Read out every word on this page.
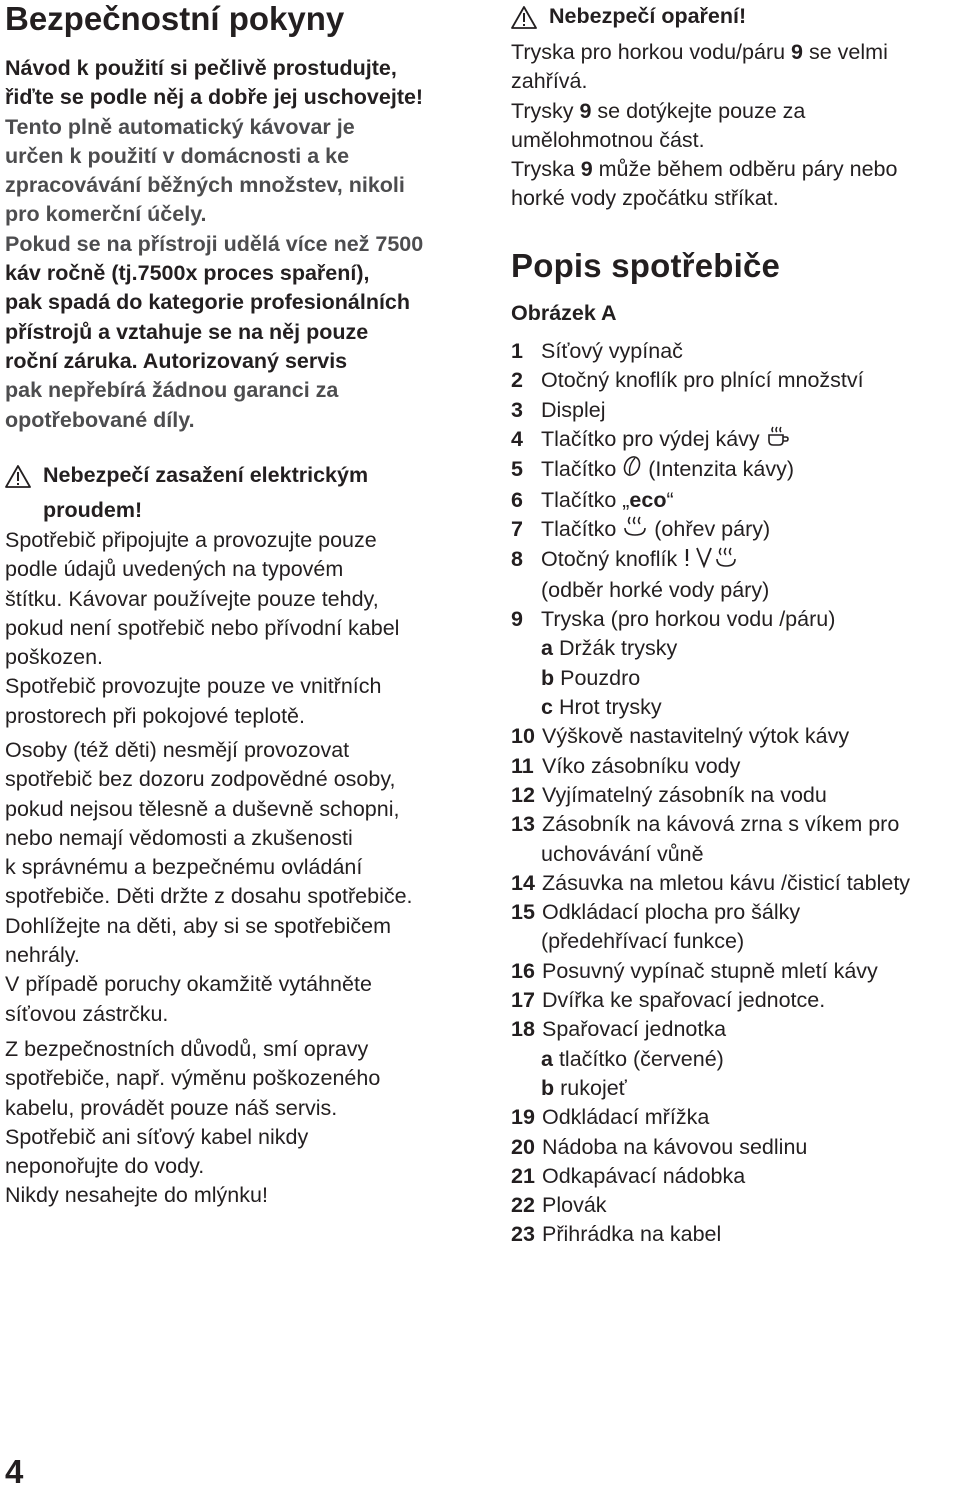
Bezpečnostní pokyny
Návod k použití si pečlivě prostudujte,
řiďte se podle něj a dobře jej uschovejte!
Tento plně automatický kávovar je
určen k použití v domácnosti a ke
zpracovávání běžných množstev, nikoli
pro komerční účely.
Pokud se na přístroji udělá více než 7500
káv ročně (tj.7500x proces spaření),
pak spadá do kategorie profesionálních
přístrojů a vztahuje se na něj pouze
roční záruka. Autorizovaný servis
pak nepřebírá žádnou garanci za
opotřebované díly.
Nebezpečí zasažení elektrickým
proudem!

Spotřebič připojujte a provozujte pouze

podle údajů uvedených na typovém

štítku. Kávovar používejte pouze tehdy,

pokud není spotřebič nebo přívodní kabel

poškozen.

Spotřebič provozujte pouze ve vnitřních

prostorech při pokojové teplotě.

Osoby (též děti) nesmějí provozovat

spotřebič bez dozoru zodpovědné osoby,

pokud nejsou tělesně a duševně schopni,

nebo nemají vědomosti a zkušenosti

k správnému a bezpečnému ovládání

spotřebiče. Děti držte z dosahu spotřebiče.

Dohlížejte na děti, aby si se spotřebičem

nehrály.

V případě poruchy okamžitě vytáhněte

síťovou zástrčku.

Z bezpečnostních důvodů, smí opravy

spotřebiče, např. výměnu poškozeného

kabelu, provádět pouze náš servis.

Spotřebič ani síťový kabel nikdy

neponořujte do vody.

Nikdy nesahejte do mlýnku!

Nebezpečí opaření!

Tryska pro horkou vodu/páru 9 se velmi

zahřívá.

Trysky 9 se dotýkejte pouze za

umělohmotnou část.

Tryska 9 může během odběru páry nebo

horké vody zpočátku stříkat.

Popis spotřebiče
Obrázek A
1 Síťový vypínač
2 Otočný knoflík pro plnící množství
3 Displej
4 Tlačítko pro výdej kávy

5 Tlačítko (Intenzita kávy)
6 Tlačítko „eco“
7 Tlačítko (ohřev páry)
8 Otočný knoflík
(odběr horké vody páry)
9 Tryska (pro horkou vodu /páru)
a Držák trysky
b Pouzdro
c Hrot trysky
10 Výškově nastavitelný výtok kávy
11 Víko zásobníku vody
12 Vyjímatelný zásobník na vodu
13 Zásobník na kávová zrna s víkem pro
uchovávání vůně
14 Zásuvka na mletou kávu /čisticí tablety
15 Odkládací plocha pro šálky
(předehřívací funkce)
16 Posuvný vypínač stupně mletí kávy
17 Dvířka ke spařovací jednotce.
18 Spařovací jednotka
a tlačítko (červené)
b rukojeť
19 Odkládací mřížka
20 Nádoba na kávovou sedlinu
21 Odkapávací nádobka
22 Plovák
23 Přihrádka na kabel
4
